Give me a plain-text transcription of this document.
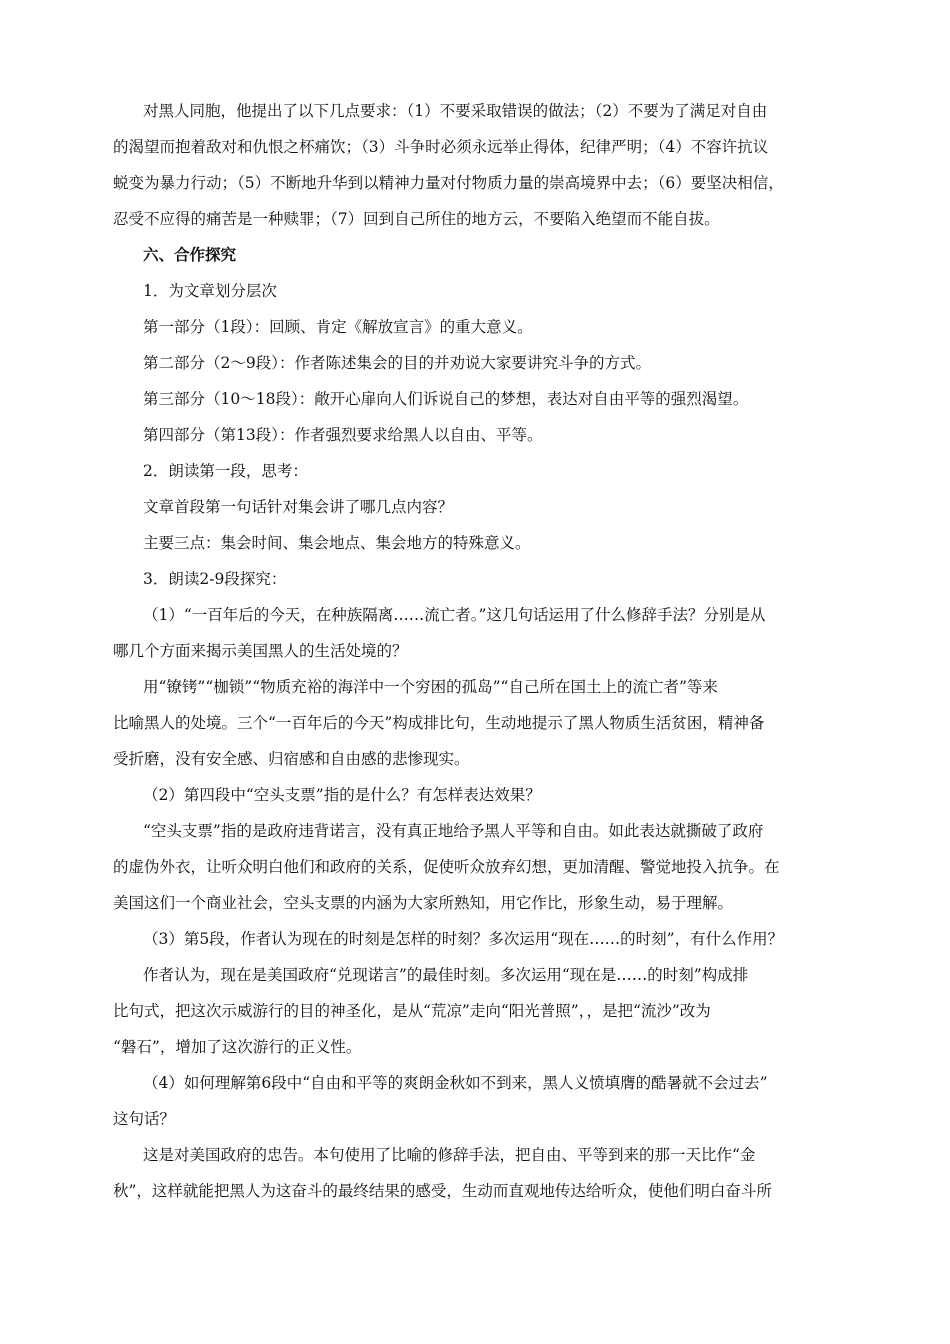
对黑人同胞，他提出了以下几点要求：（1）不要采取错误的做法；（2）不要为了满足对自由
的渴望而抱着敌对和仇恨之杯痛饮；（3）斗争时必须永远举止得体，纪律严明；（4）不容许抗议
蜕变为暴力行动；（5）不断地升华到以精神力量对付物质力量的崇高境界中去；（6）要坚决相信，
忍受不应得的痛苦是一种赎罪；（7）回到自己所住的地方云，不要陷入绝望而不能自拔。
六、合作探究
1．为文章划分层次
第一部分（1段）：回顾、肯定《解放宣言》的重大意义。
第二部分（2～9段）：作者陈述集会的目的并劝说大家要讲究斗争的方式。
第三部分（10～18段）：敞开心扉向人们诉说自己的梦想，表达对自由平等的强烈渴望。
第四部分（第13段）：作者强烈要求给黑人以自由、平等。
2．朗读第一段，思考：
文章首段第一句话针对集会讲了哪几点内容？
主要三点：集会时间、集会地点、集会地方的特殊意义。
3．朗读2-9段探究：
（1）“一百年后的今天，在种族隔离……流亡者。”这几句话运用了什么修辞手法？分别是从
哪几个方面来揭示美国黑人的生活处境的？
用“镣铐”“枷锁”“物质充裕的海洋中一个穷困的孤岛”“自己所在国土上的流亡者”等来
比喻黑人的处境。三个“一百年后的今天”构成排比句，生动地提示了黑人物质生活贫困，精神备
受折磨，没有安全感、归宿感和自由感的悲惨现实。
（2）第四段中“空头支票”指的是什么？有怎样表达效果？
“空头支票”指的是政府违背诺言，没有真正地给予黑人平等和自由。如此表达就撕破了政府
的虚伪外衣，让听众明白他们和政府的关系，促使听众放弃幻想，更加清醒、警觉地投入抗争。在
美国这们一个商业社会，空头支票的内涵为大家所熟知，用它作比，形象生动，易于理解。
（3）第5段，作者认为现在的时刻是怎样的时刻？多次运用“现在……的时刻”，有什么作用？
作者认为，现在是美国政府“兑现诺言”的最佳时刻。多次运用“现在是……的时刻”构成排
比句式，把这次示威游行的目的神圣化，是从“荒凉”走向“阳光普照”，，是把“流沙”改为
“磐石”，增加了这次游行的正义性。
（4）如何理解第6段中“自由和平等的爽朗金秋如不到来，黑人义愤填膺的酷暑就不会过去”
这句话？
这是对美国政府的忠告。本句使用了比喻的修辞手法，把自由、平等到来的那一天比作“金
秋”，这样就能把黑人为这奋斗的最终结果的感受，生动而直观地传达给听众，使他们明白奋斗所
